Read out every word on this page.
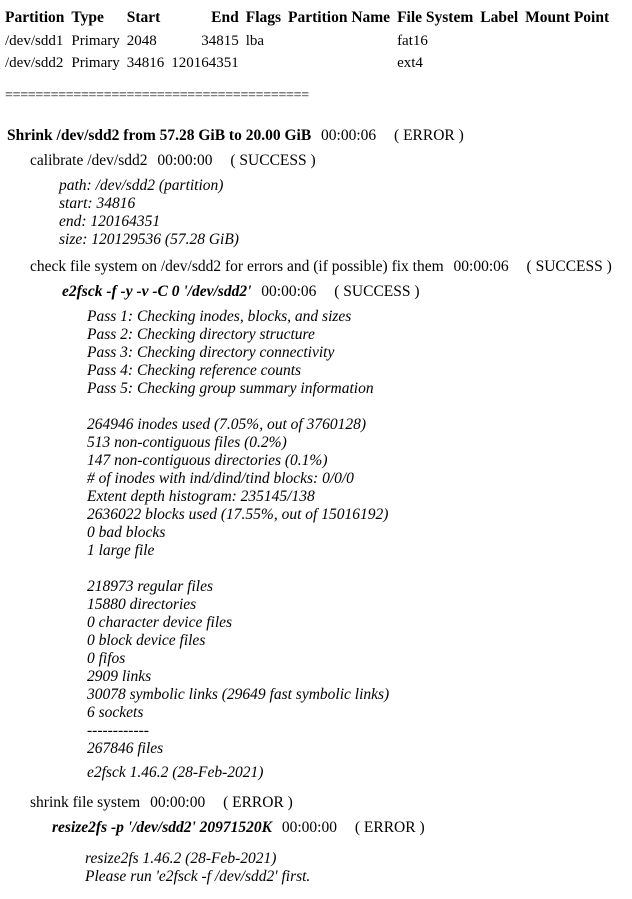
Partition	Type	Start	End	Flags	Partition Name	File System	Label	Mount Point
/dev/sdd1	Primary	2048	34815	lba		fat16		
/dev/sdd2	Primary	34816	120164351			ext4		
========================================
Shrink /dev/sdd2 from 57.28 GiB to 20.00 GiB 00:00:06 ( ERROR )
calibrate /dev/sdd2 00:00:00 ( SUCCESS )
path: /dev/sdd2 (partition)
start: 34816
end: 120164351
size: 120129536 (57.28 GiB)
check file system on /dev/sdd2 for errors and (if possible) fix them 00:00:06 ( SUCCESS )
e2fsck -f -y -v -C 0 '/dev/sdd2' 00:00:06 ( SUCCESS )
Pass 1: Checking inodes, blocks, and sizes
Pass 2: Checking directory structure
Pass 3: Checking directory connectivity
Pass 4: Checking reference counts
Pass 5: Checking group summary information
264946 inodes used (7.05%, out of 3760128)
513 non-contiguous files (0.2%)
147 non-contiguous directories (0.1%)
# of inodes with ind/dind/tind blocks: 0/0/0
Extent depth histogram: 235145/138
2636022 blocks used (17.55%, out of 15016192)
0 bad blocks
1 large file
218973 regular files
15880 directories
0 character device files
0 block device files
0 fifos
2909 links
30078 symbolic links (29649 fast symbolic links)
6 sockets
------------
267846 files
e2fsck 1.46.2 (28-Feb-2021)
shrink file system 00:00:00 ( ERROR )
resize2fs -p '/dev/sdd2' 20971520K 00:00:00 ( ERROR )
resize2fs 1.46.2 (28-Feb-2021)
Please run 'e2fsck -f /dev/sdd2' first.
